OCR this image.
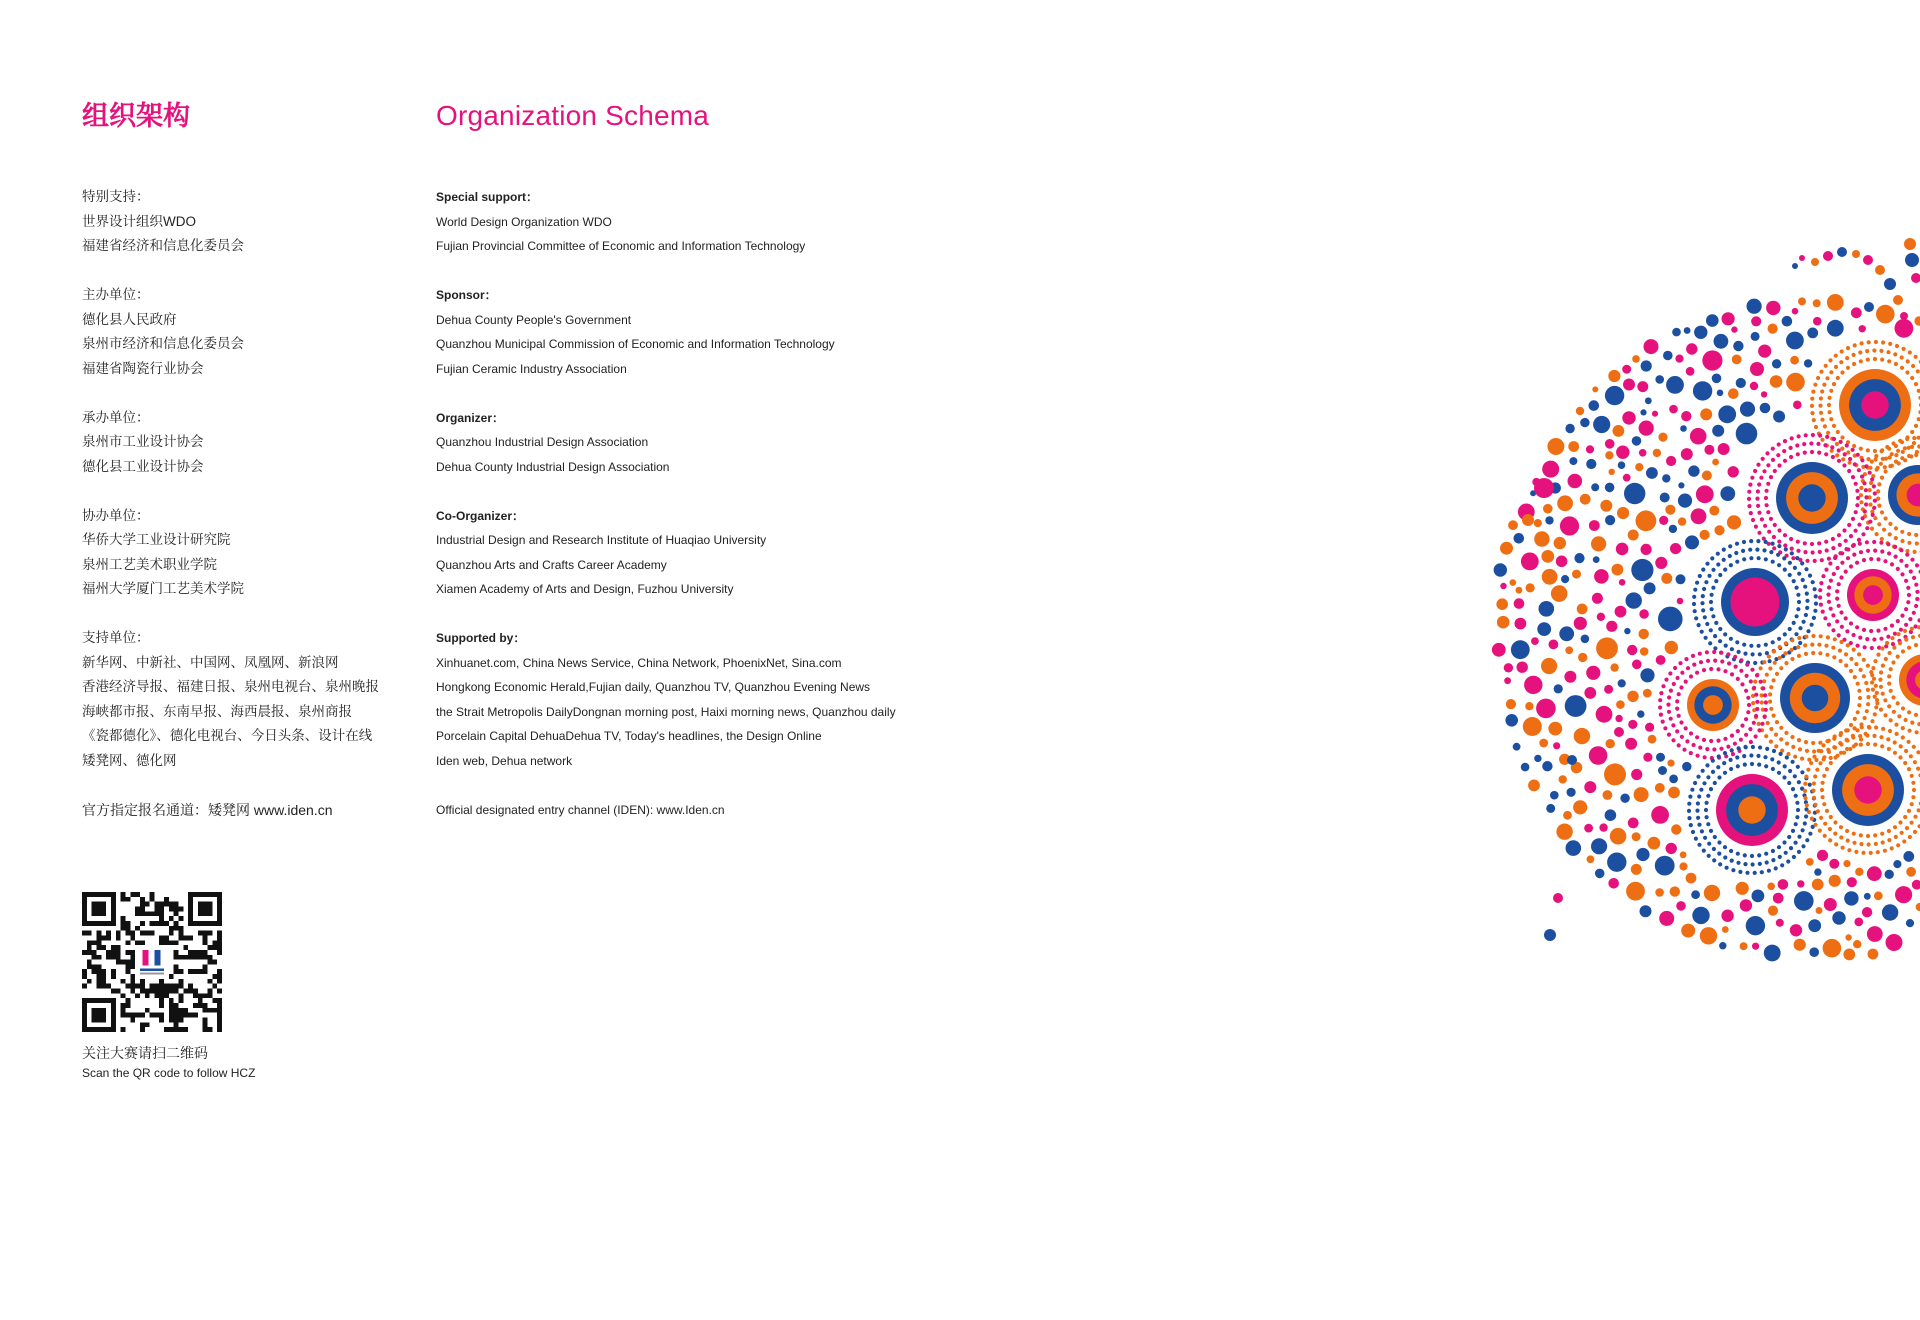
组织架构	Organization Schema
特别支持：
世界设计组织WDO
福建省经济和信息化委员会
主办单位：
德化县人民政府
泉州市经济和信息化委员会
福建省陶瓷行业协会
承办单位：
泉州市工业设计协会
德化县工业设计协会
协办单位：
华侨大学工业设计研究院
泉州工艺美术职业学院
福州大学厦门工艺美术学院
支持单位：
新华网、中新社、中国网、凤凰网、新浪网
香港经济导报、福建日报、泉州电视台、泉州晚报
海峡都市报、东南早报、海西晨报、泉州商报
《瓷都德化》、德化电视台、今日头条、设计在线
矮凳网、德化网
官方指定报名通道：矮凳网 www.iden.cn
Special support：
World Design Organization WDO
Fujian Provincial Committee of Economic and Information Technology
Sponsor：
Dehua County People's Government
Quanzhou Municipal Commission of Economic and Information Technology
Fujian Ceramic Industry Association
Organizer：
Quanzhou Industrial Design Association
Dehua County Industrial Design Association
Co-Organizer：
Industrial Design and Research Institute of Huaqiao University
Quanzhou Arts and Crafts Career Academy
Xiamen Academy of Arts and Design, Fuzhou University
Supported by：
Xinhuanet.com, China News Service, China Network, PhoenixNet, Sina.com
Hongkong Economic Herald,Fujian daily, Quanzhou TV, Quanzhou Evening News
the Strait Metropolis DailyDongnan morning post, Haixi morning news, Quanzhou daily
Porcelain Capital DehuaDehua TV, Today's headlines, the Design Online
Iden web, Dehua network
Official designated entry channel (IDEN): www.Iden.cn
关注大赛请扫二维码
Scan the QR code to follow HCZ
